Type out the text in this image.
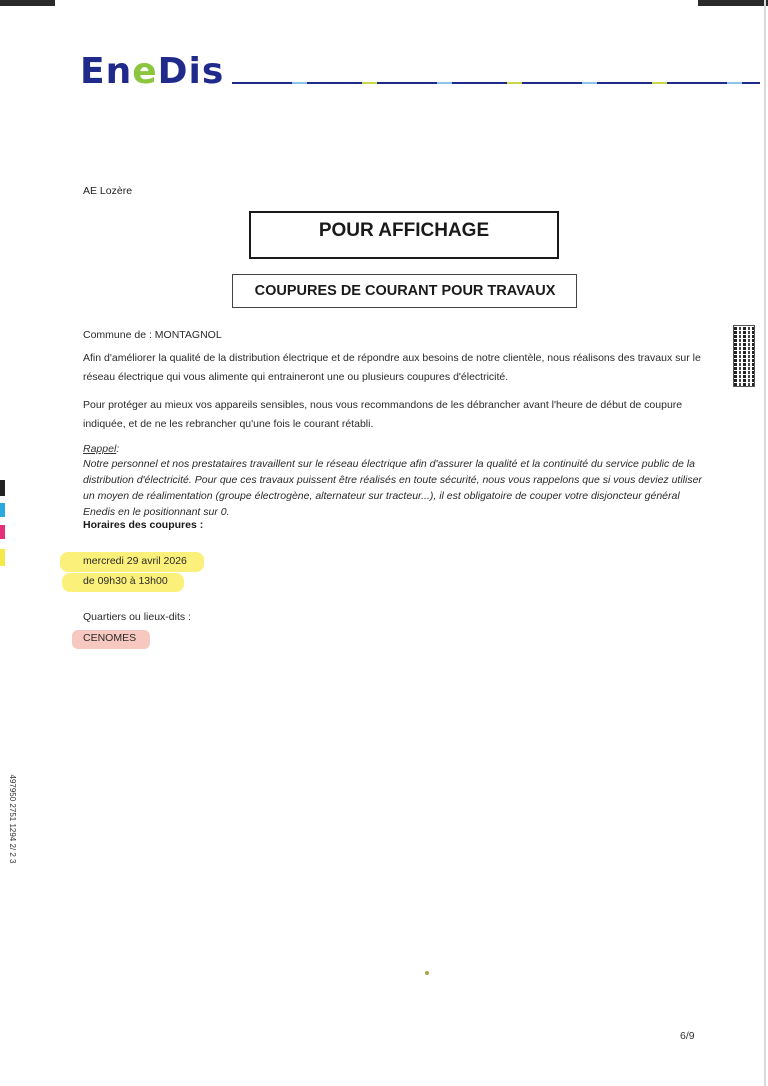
EneDis
AE Lozère
POUR AFFICHAGE
COUPURES DE COURANT POUR TRAVAUX
Commune de : MONTAGNOL
Afin d'améliorer la qualité de la distribution électrique et de répondre aux besoins de notre clientèle, nous réalisons des travaux sur le réseau électrique qui vous alimente qui entraineront une ou plusieurs coupures d'électricité.
Pour protéger au mieux vos appareils sensibles, nous vous recommandons de les débrancher avant l'heure de début de coupure indiquée, et de ne les rebrancher qu'une fois le courant rétabli.
Rappel:
Notre personnel et nos prestataires travaillent sur le réseau électrique afin d'assurer la qualité et la continuité du service public de la distribution d'électricité. Pour que ces travaux puissent être réalisés en toute sécurité, nous vous rappelons que si vous deviez utiliser un moyen de réalimentation (groupe électrogène, alternateur sur tracteur...), il est obligatoire de couper votre disjoncteur général Enedis en le positionnant sur 0.
Horaires des coupures :
mercredi 29 avril 2026
de 09h30 à 13h00
Quartiers ou lieux-dits :
CENOMES
497950 2751 1294 2/ 2 3
6/9
